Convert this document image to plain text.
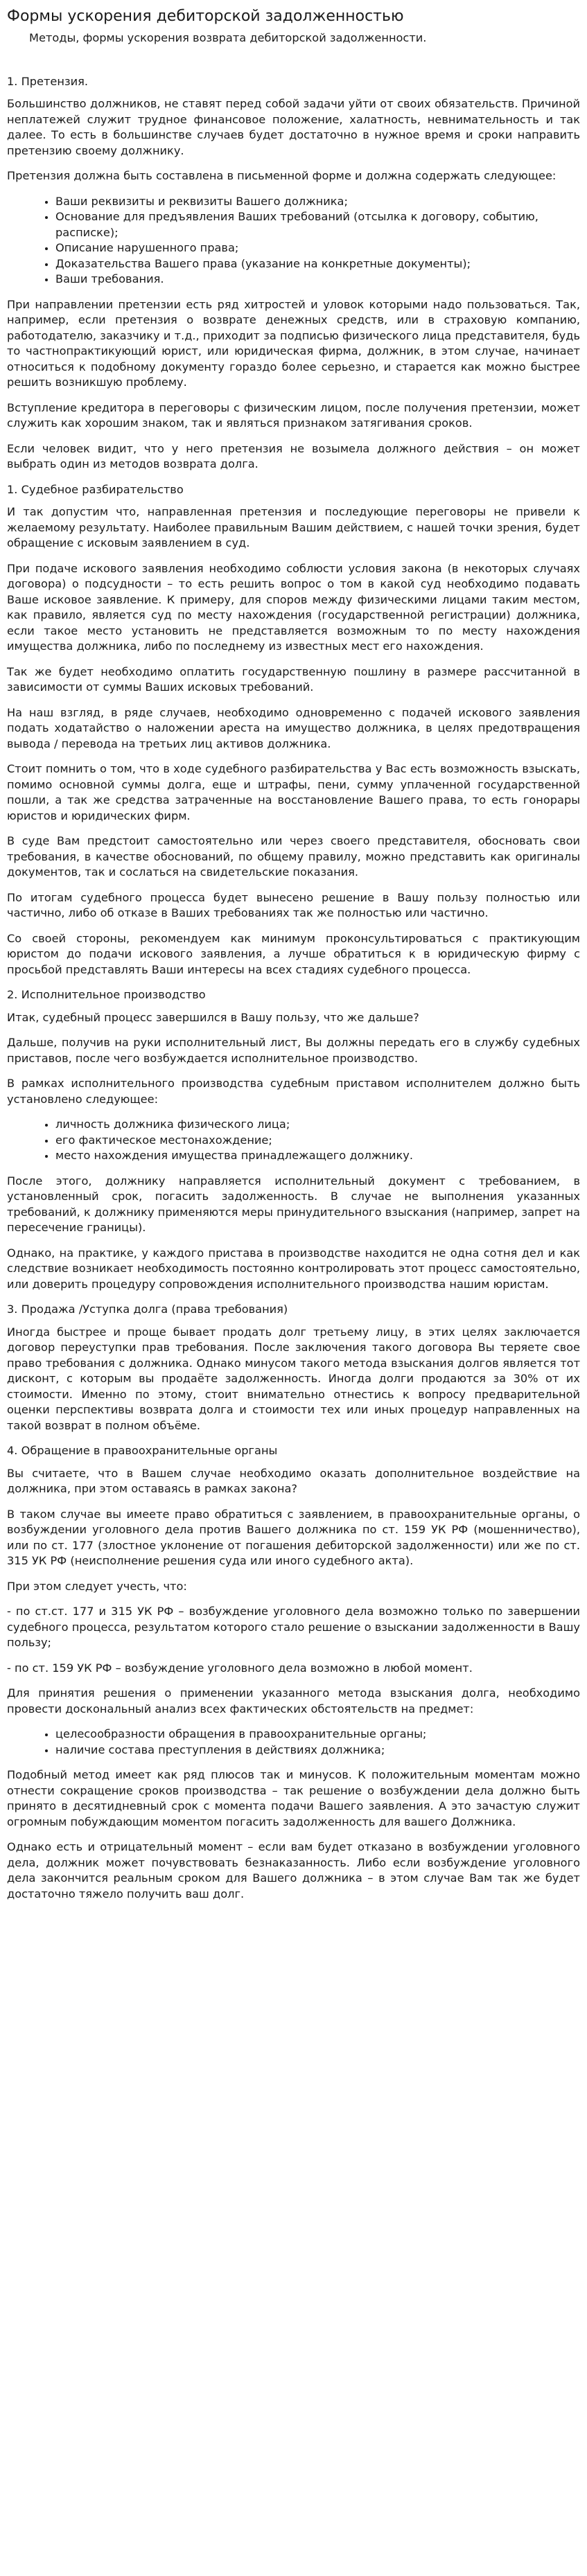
Формы ускорения дебиторской задолженностью

Методы, формы ускорения возврата дебиторской задолженности.

1. Претензия.

Большинство должников, не ставят перед собой задачи уйти от своих обязательств. Причиной неплатежей служит трудное финансовое положение, халатность, невнимательность и так далее. То есть в большинстве случаев будет достаточно в нужное время и сроки направить претензию своему должнику.

Претензия должна быть составлена в письменной форме и должна содержать следующее:

• Ваши реквизиты и реквизиты Вашего должника;
• Основание для предъявления Ваших требований (отсылка к договору, событию, расписке);
• Описание нарушенного права;
• Доказательства Вашего права (указание на конкретные документы);
• Ваши требования.

При направлении претензии есть ряд хитростей и уловок которыми надо пользоваться. Так, например, если претензия о возврате денежных средств, или в страховую компанию, работодателю, заказчику и т.д., приходит за подписью физического лица представителя, будь то частнопрактикующий юрист, или юридическая фирма, должник, в этом случае, начинает относиться к подобному документу гораздо более серьезно, и старается как можно быстрее решить возникшую проблему.

Вступление кредитора в переговоры с физическим лицом, после получения претензии, может служить как хорошим знаком, так и являться признаком затягивания сроков.

Если человек видит, что у него претензия не возымела должного действия – он может выбрать один из методов возврата долга.

1. Судебное разбирательство

И так допустим что, направленная претензия и последующие переговоры не привели к желаемому результату. Наиболее правильным Вашим действием, с нашей точки зрения, будет обращение с исковым заявлением в суд.

При подаче искового заявления необходимо соблюсти условия закона (в некоторых случаях договора) о подсудности – то есть решить вопрос о том в какой суд необходимо подавать Ваше исковое заявление. К примеру, для споров между физическими лицами таким местом, как правило, является суд по месту нахождения (государственной регистрации) должника, если такое место установить не представляется возможным то по месту нахождения имущества должника, либо по последнему из известных мест его нахождения.

Так же будет необходимо оплатить государственную пошлину в размере рассчитанной в зависимости от суммы Ваших исковых требований.

На наш взгляд, в ряде случаев, необходимо одновременно с подачей искового заявления подать ходатайство о наложении ареста на имущество должника, в целях предотвращения вывода / перевода на третьих лиц активов должника.

Стоит помнить о том, что в ходе судебного разбирательства у Вас есть возможность взыскать, помимо основной суммы долга, еще и штрафы, пени, сумму уплаченной государственной пошли, а так же средства затраченные на восстановление Вашего права, то есть гонорары юристов и юридических фирм.

В суде Вам предстоит самостоятельно или через своего представителя, обосновать свои требования, в качестве обоснований, по общему правилу, можно представить как оригиналы документов, так и сослаться на свидетельские показания.

По итогам судебного процесса будет вынесено решение в Вашу пользу полностью или частично, либо об отказе в Ваших требованиях так же полностью или частично.

Со своей стороны, рекомендуем как минимум проконсультироваться с практикующим юристом до подачи искового заявления, а лучше обратиться к в юридическую фирму с просьбой представлять Ваши интересы на всех стадиях судебного процесса.

2. Исполнительное производство

Итак, судебный процесс завершился в Вашу пользу, что же дальше?

Дальше, получив на руки исполнительный лист, Вы должны передать его в службу судебных приставов, после чего возбуждается исполнительное производство.

В рамках исполнительного производства судебным приставом исполнителем должно быть установлено следующее:

• личность должника физического лица;
• его фактическое местонахождение;
• место нахождения имущества принадлежащего должнику.

После этого, должнику направляется исполнительный документ с требованием, в установленный срок, погасить задолженность. В случае не выполнения указанных требований, к должнику применяются меры принудительного взыскания (например, запрет на пересечение границы).

Однако, на практике, у каждого пристава в производстве находится не одна сотня дел и как следствие возникает необходимость постоянно контролировать этот процесс самостоятельно, или доверить процедуру сопровождения исполнительного производства нашим юристам.

3. Продажа /Уступка долга (права требования)

Иногда быстрее и проще бывает продать долг третьему лицу, в этих целях заключается договор переуступки прав требования. После заключения такого договора Вы теряете свое право требования с должника. Однако минусом такого метода взыскания долгов является тот дисконт, с которым вы продаёте задолженность. Иногда долги продаются за 30% от их стоимости. Именно по этому, стоит внимательно отнестись к вопросу предварительной оценки перспективы возврата долга и стоимости тех или иных процедур направленных на такой возврат в полном объёме.

4. Обращение в правоохранительные органы

Вы считаете, что в Вашем случае необходимо оказать дополнительное воздействие на должника, при этом оставаясь в рамках закона?

В таком случае вы имеете право обратиться с заявлением, в правоохранительные органы, о возбуждении уголовного дела против Вашего должника по ст. 159 УК РФ (мошенничество), или по ст. 177 (злостное уклонение от погашения дебиторской задолженности) или же по ст. 315 УК РФ (неисполнение решения суда или иного судебного акта).

При этом следует учесть, что:

- по ст.ст. 177 и 315 УК РФ – возбуждение уголовного дела возможно только по завершении судебного процесса, результатом которого стало решение о взыскании задолженности в Вашу пользу;

- по ст. 159 УК РФ – возбуждение уголовного дела возможно в любой момент.

Для принятия решения о применении указанного метода взыскания долга, необходимо провести доскональный анализ всех фактических обстоятельств на предмет:

• целесообразности обращения в правоохранительные органы;
• наличие состава преступления в действиях должника;

Подобный метод имеет как ряд плюсов так и минусов. К положительным моментам можно отнести сокращение сроков производства – так решение о возбуждении дела должно быть принято в десятидневный срок с момента подачи Вашего заявления. А это зачастую служит огромным побуждающим моментом погасить задолженность для вашего Должника.

Однако есть и отрицательный момент – если вам будет отказано в возбуждении уголовного дела, должник может почувствовать безнаказанность. Либо если возбуждение уголовного дела закончится реальным сроком для Вашего должника – в этом случае Вам так же будет достаточно тяжело получить ваш долг.
